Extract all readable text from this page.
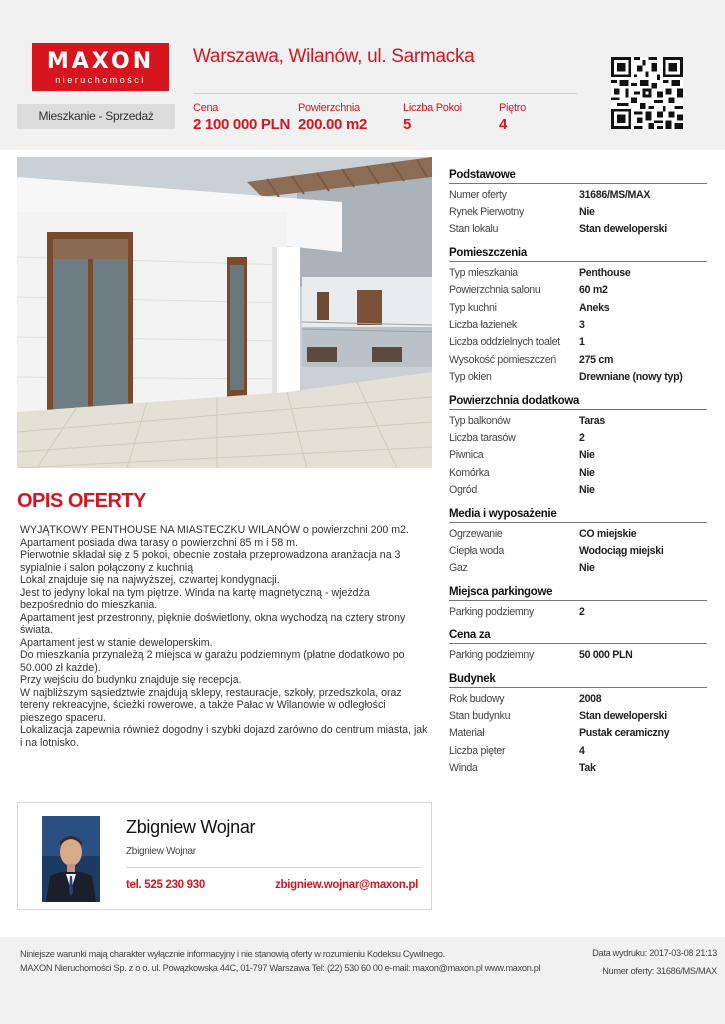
MAXON
nieruchomości
Warszawa, Wilanów, ul. Sarmacka
Mieszkanie - Sprzedaż
Cena
2 100 000 PLN
Powierzchnia
200.00 m2
Liczba Pokoi
5
Piętro
4
OPIS OFERTY

WYJĄTKOWY PENTHOUSE NA MIASTECZKU WILANÓW o powierzchni 200 m2.

Apartament posiada dwa tarasy o powierzchni 85 m i 58 m.

Pierwotnie składał się z 5 pokoi, obecnie została przeprowadzona aranżacja na 3 sypialnie i salon połączony z kuchnią

Lokal znajduje się na najwyższej, czwartej kondygnacji.

Jest to jedyny lokal na tym piętrze. Winda na kartę magnetyczną - wjeżdża bezpośrednio do mieszkania.

Apartament jest przestronny, pięknie doświetlony, okna wychodzą na cztery strony świata.

Apartament jest w stanie deweloperskim.

Do mieszkania przynależą 2 miejsca w garażu podziemnym (płatne dodatkowo po 50.000 zł każde).

Przy wejściu do budynku znajduje się recepcja.

W najbliższym sąsiedztwie znajdują sklepy, restauracje, szkoły, przedszkola, oraz tereny rekreacyjne, ścieżki rowerowe, a także Pałac w Wilanowie w odległości pieszego spaceru.

Lokalizacja zapewnia również dogodny i szybki dojazd zarówno do centrum miasta, jak i na lotnisko.

Podstawowe
Numer oferty	31686/MS/MAX
Rynek Pierwotny	Nie
Stan lokalu	Stan deweloperski
Pomieszczenia
Typ mieszkania	Penthouse
Powierzchnia salonu	60 m2
Typ kuchni	Aneks
Liczba łazienek	3
Liczba oddzielnych toalet	1
Wysokość pomieszczeń	275 cm
Typ okien	Drewniane (nowy typ)
Powierzchnia dodatkowa
Typ balkonów	Taras
Liczba tarasów	2
Piwnica	Nie
Komórka	Nie
Ogród	Nie
Media i wyposażenie
Ogrzewanie	CO miejskie
Ciepła woda	Wodociąg miejski
Gaz	Nie
Miejsca parkingowe
Parking podziemny	2
Cena za
Parking podziemny	50 000 PLN
Budynek
Rok budowy	2008
Stan budynku	Stan deweloperski
Materiał	Pustak ceramiczny
Liczba pięter	4
Winda	Tak
Zbigniew Wojnar
Zbigniew Wojnar
tel. 525 230 930	zbigniew.wojnar@maxon.pl
Niniejsze warunki mają charakter wyłącznie informacyjny i nie stanowią oferty w rozumieniu Kodeksu Cywilnego.
MAXON Nieruchomości Sp. z o o. ul. Powązkowska 44C, 01-797 Warszawa Tel: (22) 530 60 00 e-mail: maxon@maxon.pl www.maxon.pl
Data wydruku: 2017-03-08 21:13
Numer oferty: 31686/MS/MAX
